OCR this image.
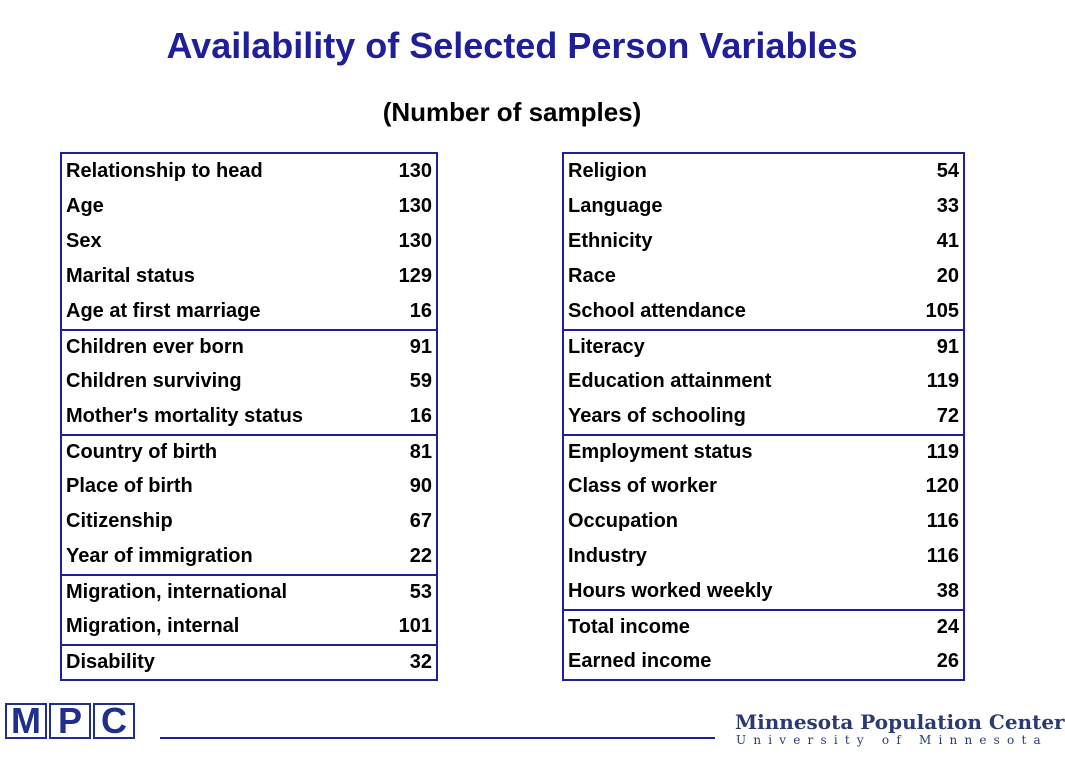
Availability of Selected Person Variables
(Number of samples)
Relationship to head	130
Age	130
Sex	130
Marital status	129
Age at first marriage	16
Children ever born	91
Children surviving	59
Mother's mortality status	16
Country of birth	81
Place of birth	90
Citizenship	67
Year of immigration	22
Migration, international	53
Migration, internal	101
Disability	32
Religion	54
Language	33
Ethnicity	41
Race	20
School attendance	105
Literacy	91
Education attainment	119
Years of schooling	72
Employment status	119
Class of worker	120
Occupation	116
Industry	116
Hours worked weekly	38
Total income	24
Earned income	26
M P C	Minnesota Population Center
University of Minnesota
